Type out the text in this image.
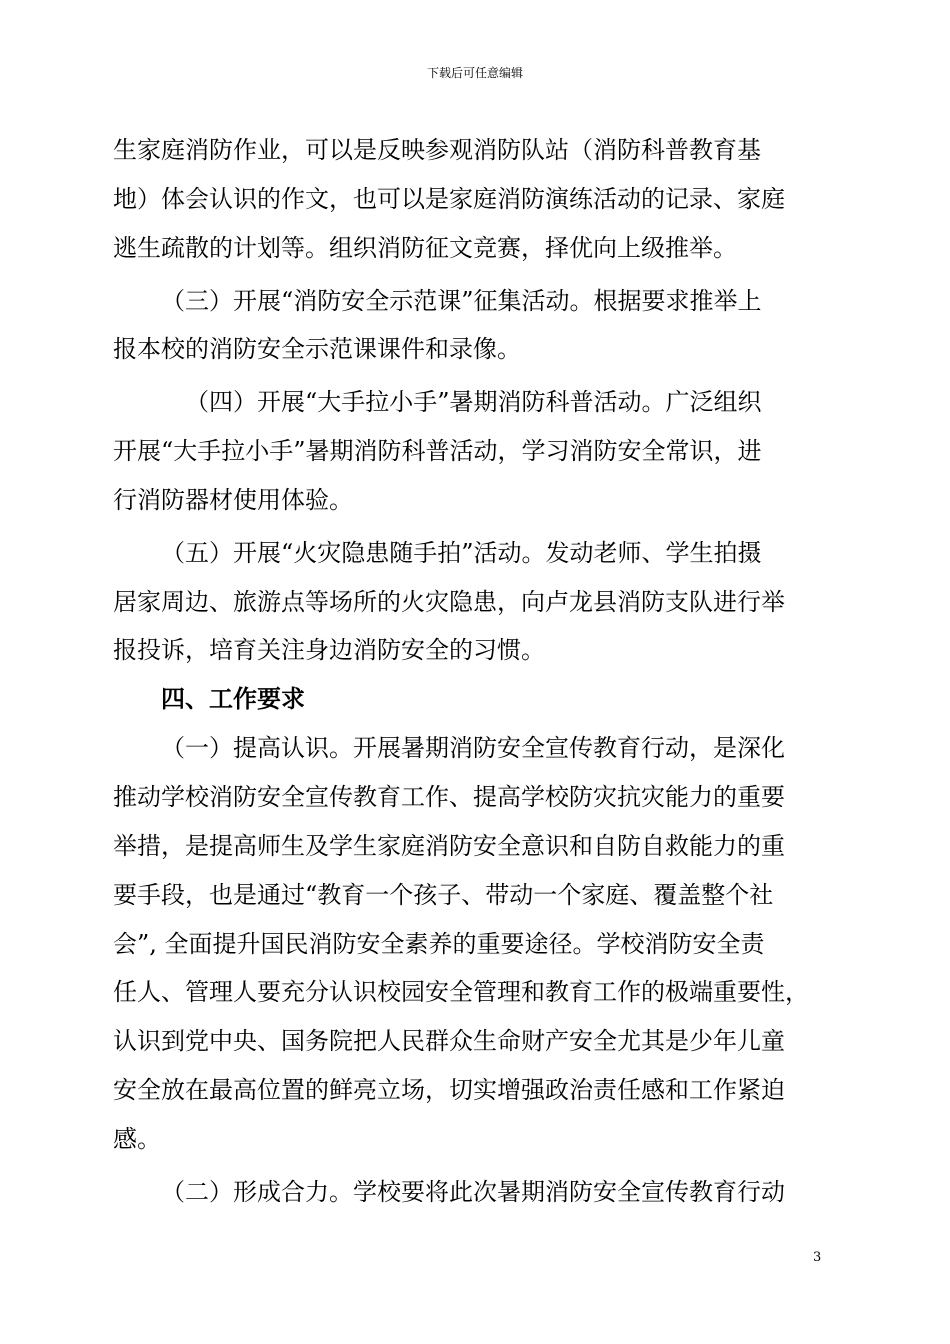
下载后可任意编辑
生家庭消防作业，可以是反映参观消防队站（消防科普教育基
地）体会认识的作文，也可以是家庭消防演练活动的记录、家庭
逃生疏散的计划等。组织消防征文竞赛，择优向上级推举。
（三）开展“消防安全示范课”征集活动。根据要求推举上
报本校的消防安全示范课课件和录像。
（四）开展“大手拉小手”暑期消防科普活动。广泛组织
开展“大手拉小手”暑期消防科普活动，学习消防安全常识，进
行消防器材使用体验。
（五）开展“火灾隐患随手拍”活动。发动老师、学生拍摄
居家周边、旅游点等场所的火灾隐患，向卢龙县消防支队进行举
报投诉，培育关注身边消防安全的习惯。
四、工作要求
（一）提高认识。开展暑期消防安全宣传教育行动，是深化
推动学校消防安全宣传教育工作、提高学校防灾抗灾能力的重要
举措，是提高师生及学生家庭消防安全意识和自防自救能力的重
要手段，也是通过“教育一个孩子、带动一个家庭、覆盖整个社
会”, 全面提升国民消防安全素养的重要途径。学校消防安全责
任人、管理人要充分认识校园安全管理和教育工作的极端重要性，
认识到党中央、国务院把人民群众生命财产安全尤其是少年儿童
安全放在最高位置的鲜亮立场，切实增强政治责任感和工作紧迫
感。
（二）形成合力。学校要将此次暑期消防安全宣传教育行动
3
